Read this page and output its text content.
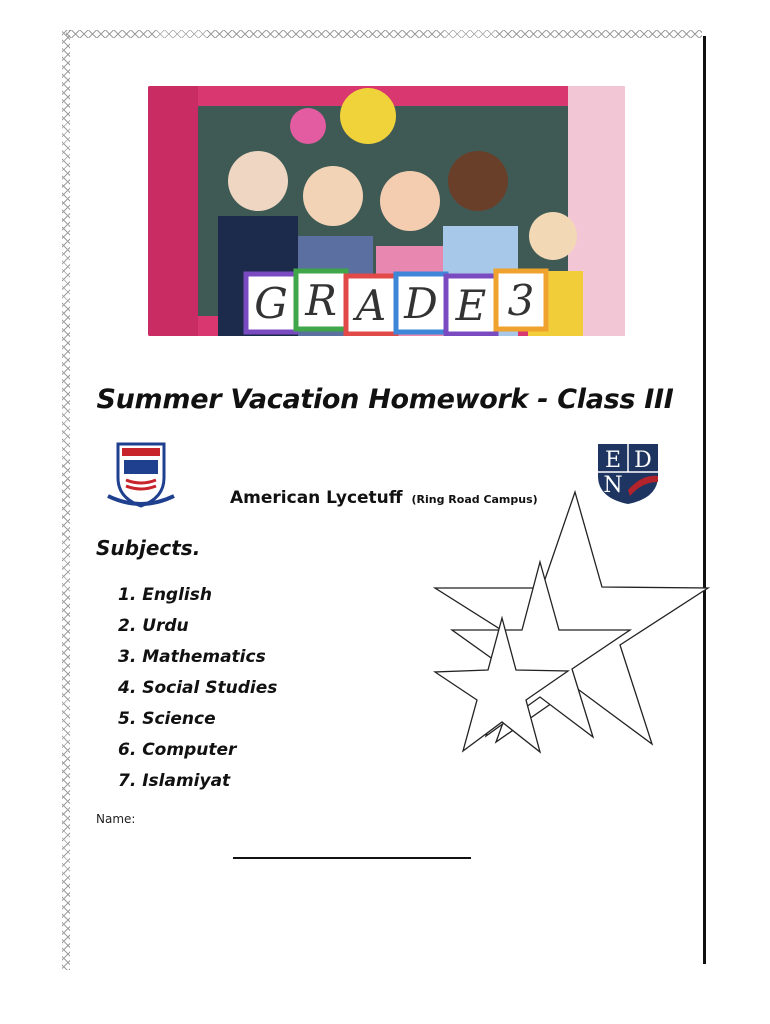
G R A D E 3
Summer Vacation Homework - Class III
E D
N
American Lycetuff (Ring Road Campus)
Subjects.
1. English
2. Urdu
3. Mathematics
4. Social Studies
5. Science
6. Computer
7. Islamiyat
Name:
